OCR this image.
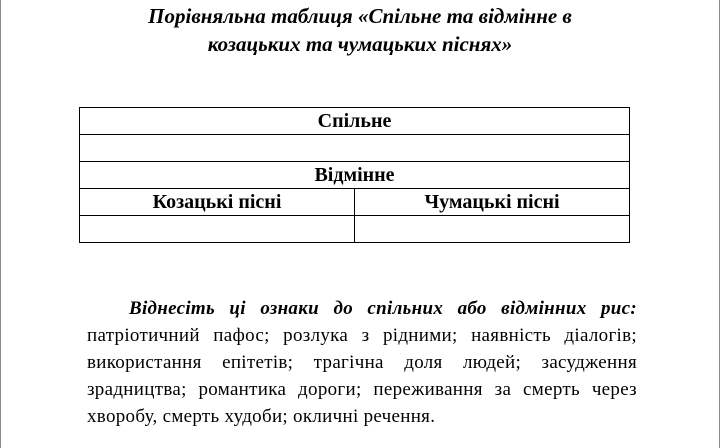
Порівняльна таблиця «Спільне та відмінне в
козацьких та чумацьких піснях»
Спільне	

Відмінне	
Козацькі пісні	Чумацькі пісні

Віднесіть ці ознаки до спільних або відмінних рис: патріотичний пафос; розлука з рідними; наявність діалогів; використання епітетів; трагічна доля людей; засудження зрадництва; романтика дороги; переживання за смерть через хворобу, смерть худоби; окличні речення.
